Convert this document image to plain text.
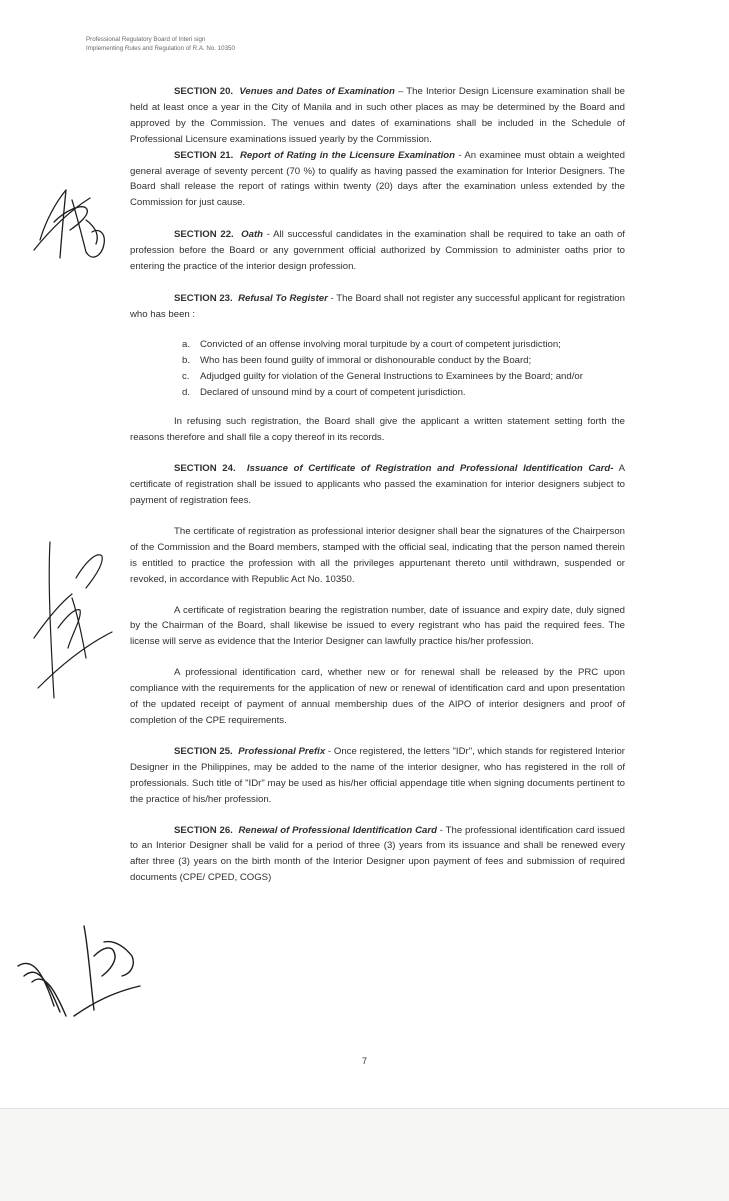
Professional Regulatory Board of Interi sign
Implementing Rules and Regulation of R.A. No. 10350

SECTION 20. Venues and Dates of Examination – The Interior Design Licensure examination shall be held at least once a year in the City of Manila and in such other places as may be determined by the Board and approved by the Commission. The venues and dates of examinations shall be included in the Schedule of Professional Licensure examinations issued yearly by the Commission.

SECTION 21. Report of Rating in the Licensure Examination - An examinee must obtain a weighted general average of seventy percent (70 %) to qualify as having passed the examination for Interior Designers. The Board shall release the report of ratings within twenty (20) days after the examination unless extended by the Commission for just cause.

SECTION 22. Oath - All successful candidates in the examination shall be required to take an oath of profession before the Board or any government official authorized by Commission to administer oaths prior to entering the practice of the interior design profession.

SECTION 23. Refusal To Register - The Board shall not register any successful applicant for registration who has been :

a. Convicted of an offense involving moral turpitude by a court of competent jurisdiction;
b. Who has been found guilty of immoral or dishonourable conduct by the Board;
c. Adjudged guilty for violation of the General Instructions to Examinees by the Board; and/or
d. Declared of unsound mind by a court of competent jurisdiction.

In refusing such registration, the Board shall give the applicant a written statement setting forth the reasons therefore and shall file a copy thereof in its records.

SECTION 24. Issuance of Certificate of Registration and Professional Identification Card- A certificate of registration shall be issued to applicants who passed the examination for interior designers subject to payment of registration fees.

The certificate of registration as professional interior designer shall bear the signatures of the Chairperson of the Commission and the Board members, stamped with the official seal, indicating that the person named therein is entitled to practice the profession with all the privileges appurtenant thereto until withdrawn, suspended or revoked, in accordance with Republic Act No. 10350.

A certificate of registration bearing the registration number, date of issuance and expiry date, duly signed by the Chairman of the Board, shall likewise be issued to every registrant who has paid the required fees. The license will serve as evidence that the Interior Designer can lawfully practice his/her profession.

A professional identification card, whether new or for renewal shall be released by the PRC upon compliance with the requirements for the application of new or renewal of identification card and upon presentation of the updated receipt of payment of annual membership dues of the AIPO of interior designers and proof of completion of the CPE requirements.

SECTION 25. Professional Prefix - Once registered, the letters "IDr", which stands for registered Interior Designer in the Philippines, may be added to the name of the interior designer, who has registered in the roll of professionals. Such title of "IDr" may be used as his/her official appendage title when signing documents pertinent to the practice of his/her profession.

SECTION 26. Renewal of Professional Identification Card - The professional identification card issued to an Interior Designer shall be valid for a period of three (3) years from its issuance and shall be renewed every after three (3) years on the birth month of the Interior Designer upon payment of fees and submission of required documents (CPE/ CPED, COGS)

7
